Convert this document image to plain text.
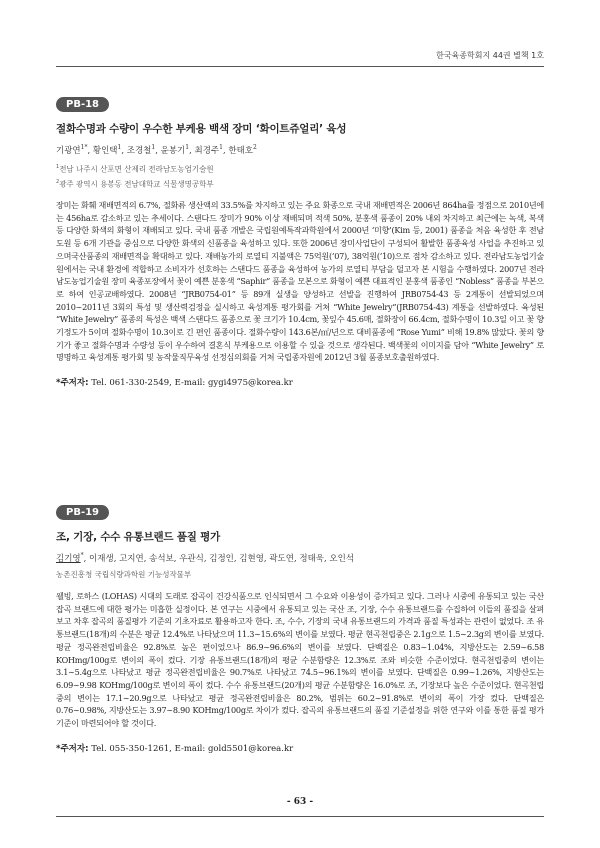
한국육종학회지 44권 별책 1호
PB-18
절화수명과 수량이 우수한 부케용 백색 장미 ‘화이트쥬얼리’ 육성
기광연$^{1*}$, 황인택$^1$, 조경철$^1$, 윤봉기$^1$, 최경주$^1$, 한태호$^2$
$^1$전남 나주시 산포면 산제리 전라남도농업기술원
$^2$광주 광역시 용봉동 전남대학교 식물생명공학부
장미는 화훼 재배면적의 6.7%, 절화류 생산액의 33.5%를 차지하고 있는 주요 화종으로 국내 재배면적은 2006년 864ha를 정점으로 2010년에는 456ha로 감소하고 있는 추세이다. 스탠다드 장미가 90% 이상 재배되며 적색 50%, 분홍색 품종이 20% 내외 차지하고 최근에는 녹색, 복색 등 다양한 화색의 화형이 재배되고 있다. 국내 품종 개발은 국립원예특작과학원에서 2000년 ‘미향’(Kim 등, 2001) 품종을 처음 육성한 후 전남도원 등 6개 기관을 중심으로 다양한 화색의 신품종을 육성하고 있다. 또한 2006년 장미사업단이 구성되어 활발한 품종육성 사업을 추진하고 있으며국산품종의 재배면적을 확대하고 있다. 재배농가의 로열티 지불액은 75억원(’07), 38억원(’10)으로 점차 감소하고 있다. 전라남도농업기술원에서는 국내 환경에 적합하고 소비자가 선호하는 스탠다드 품종을 육성하여 농가의 로열티 부담을 덜고자 본 시험을 수행하였다. 2007년 전라남도농업기술원 장미 육종포장에서 꽃이 예쁜 분홍색 “Saphir” 품종을 모본으로 화형이 예쁜 대표적인 분홍색 품종인 “Nobless” 품종을 부본으로 하여 인공교배하였다. 2008년 “JRB0754-01” 등 89개 실생을 양성하고 선발을 진행하여 JRB0754-43 등 2계통이 선발되었으며 2010∼2011년 3회의 특성 및 생산력검정을 실시하고 육성계통 평가회를 거쳐 “White Jewelry”(JRB0754-43) 계통을 선발하였다. 육성된 “White Jewelry” 품종의 특성은 백색 스탠다드 품종으로 꽃 크기가 10.4cm, 꽃잎수 45.6매, 절화장이 66.4cm, 절화수명이 10.3일 이고 꽃 향기정도가 5이며 절화수명이 10.3이로 긴 편인 품종이다. 절화수량이 143.6본/㎡/년으로 대비품종에 “Rose Yumi” 비해 19.8% 많았다. 꽃의 향기가 좋고 절화수명과 수량성 등이 우수하여 결혼식 부케용으로 이용할 수 있을 것으로 생각된다. 백색꽃의 이미지를 담아 “White Jewelry” 로 명명하고 육성계통 평가회 및 농작물직무육성 선정심의회를 거쳐 국립종자원에 2012년 3월 품종보호출원하였다.
*주저자: Tel. 061-330-2549, E-mail: gygi4975@korea.kr
PB-19
조, 기장, 수수 유통브랜드 품질 평가
김기영*, 이재생, 고지연, 송석보, 우관식, 김정인, 김현영, 곽도연, 정태욱, 오인석
농촌진흥청 국립식량과학원 기능성작물부
웰빙, 로하스 (LOHAS) 시대의 도래로 잡곡이 건강식품으로 인식되면서 그 수요와 이용성이 증가되고 있다. 그러나 시중에 유통되고 있는 국산 잡곡 브랜드에 대한 평가는 미흡한 실정이다. 본 연구는 시중에서 유통되고 있는 국산 조, 기장, 수수 유통브랜드를 수집하여 이들의 품질을 살펴보고 차후 잡곡의 품질평가 기준의 기초자료로 활용하고자 한다. 조, 수수, 기장의 국내 유통브랜드의 가격과 품질 특성과는 관련이 없었다. 조 유통브랜드(18개)의 수분은 평균 12.4%로 나타났으며 11.3∼15.6%의 변이를 보였다. 평균 현곡천립중은 2.1g으로 1.5∼2.3g의 변이를 보였다. 평균 정곡완전립비율은 92.8%로 높은 편이었으나 86.9∼96.6%의 변이를 보였다. 단백질은 0.83∼1.04%, 지방산도는 2.59∼6.58 KOHmg/100g로 변이의 폭이 컸다. 기장 유통브랜드(18개)의 평균 수분함량은 12.3%로 조와 비슷한 수준이었다. 현곡천립중의 변이는 3.1∼5.4g으로 나타났고 평균 정곡완전립비율은 90.7%로 나타났고 74.5∼96.1%의 변이를 보였다. 단백질은 0.99∼1.26%, 지방산도는 6.09∼9.98 KOHmg/100g로 변이의 폭이 컸다. 수수 유통브랜드(20개)의 평균 수분함량은 16.0%로 조, 기장보다 높은 수준이었다. 현곡천립중의 변이는 17.1∼20.9g으로 나타났고 평균 정곡완전립비율은 80.2%, 범위는 60.2∼91.8%로 변이의 폭이 가장 컸다. 단백질은 0.76∼0.98%, 지방산도는 3.97∼8.90 KOHmg/100g로 차이가 컸다. 잡곡의 유통브랜드의 품질 기준설정을 위한 연구와 이를 통한 품질 평가 기준이 마련되어야 할 것이다.
*주저자: Tel. 055-350-1261, E-mail: gold5501@korea.kr
- 63 -
